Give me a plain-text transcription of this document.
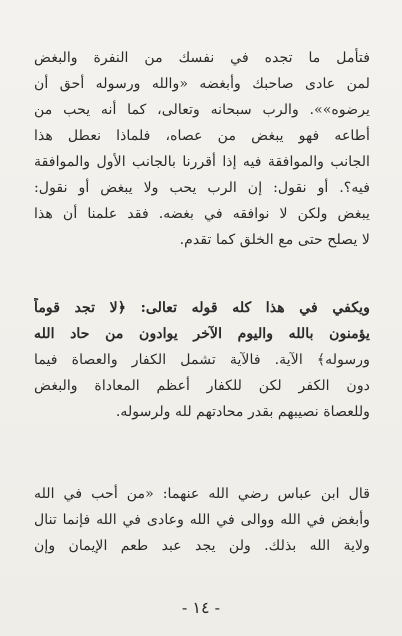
فتأمل ما تجده في نفسك من النفرة والبغض
لمن عادى صاحبك وأبغضه «والله ورسوله أحق أن
يرضوه»». والرب سبحانه وتعالى، كما أنه يحب من
أطاعه فهو يبغض من عصاه، فلماذا نعطل هذا
الجانب والموافقة فيه إذا أقررنا بالجانب الأول والموافقة
فيه؟. أو نقول: إن الرب يحب ولا يبغض أو نقول:
يبغض ولكن لا نوافقه في بغضه. فقد علمنا أن هذا
لا يصلح حتى مع الخلق كما تقدم.
ويكفي في هذا كله قوله تعالى: ﴿لا تجد قوماً
يؤمنون بالله واليوم الآخر يوادون من حاد الله
ورسوله﴾ الآية. فالآية تشمل الكفار والعصاة فيما
دون الكفر لكن للكفار أعظم المعاداة والبغض
وللعصاة نصيبهم بقدر محادتهم لله ولرسوله.
قال ابن عباس رضي الله عنهما: «من أحب في الله
وأبغض في الله ووالى في الله وعادى في الله فإنما تنال
ولاية الله بذلك. ولن يجد عبد طعم الإيمان وإن
- ١٤ -
